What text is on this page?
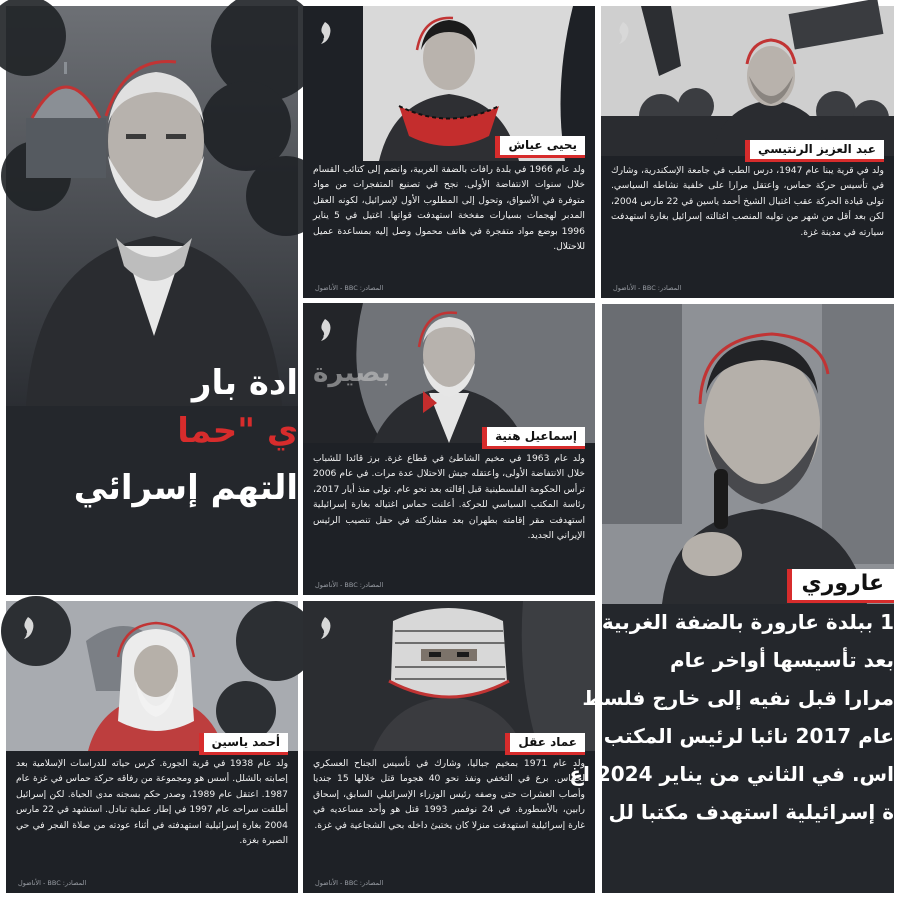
ادة بار
ي "حما
التهم إسرائي
يحيى عياش
ولد عام 1966 في بلدة رافات بالضفة الغربية، وانضم إلى كتائب القسام خلال سنوات الانتفاضة الأولى. نجح في تصنيع المتفجرات من مواد متوفرة في الأسواق، وتحول إلى المطلوب الأول لإسرائيل، لكونه العقل المدبر لهجمات بسيارات مفخخة استهدفت قواتها. اغتيل في 5 يناير 1996 بوضع مواد متفجرة في هاتف محمول وصل إليه بمساعدة عميل للاحتلال.
المصادر: BBC - الأناضول
عبد العزيز الرنتيسي
ولد في قرية يبنا عام 1947، درس الطب في جامعة الإسكندرية، وشارك في تأسيس حركة حماس، واعتقل مرارا على خلفية نشاطه السياسي. تولى قيادة الحركة عقب اغتيال الشيخ أحمد ياسين في 22 مارس 2004، لكن بعد أقل من شهر من توليه المنصب اغتالته إسرائيل بغارة استهدفت سيارته في مدينة غزة.
المصادر: BBC - الأناضول
بصيرة
إسماعيل هنية
ولد عام 1963 في مخيم الشاطئ في قطاع غزة. برز قائدا للشباب خلال الانتفاضة الأولى، واعتقله جيش الاحتلال عدة مرات. في عام 2006 ترأس الحكومة الفلسطينية قبل إقالته بعد نحو عام. تولى منذ أيار 2017، رئاسة المكتب السياسي للحركة. أعلنت حماس اغتياله بغارة إسرائيلية استهدفت مقر إقامته بطهران بعد مشاركته في حفل تنصيب الرئيس الإيراني الجديد.
المصادر: BBC - الأناضول	عاروري
1 ببلدة عارورة بالضفة الغربية
بعد تأسيسها أواخر عام
مرارا قبل نفيه إلى خارج فلسط
عام 2017 نائبا لرئيس المكتب
اس. في الثاني من يناير 2024 اغ
ة إسرائيلية استهدف مكتبا لل
أحمد ياسين
ولد عام 1938 في قرية الجورة. كرس حياته للدراسات الإسلامية بعد إصابته بالشلل. أسس هو ومجموعة من رفاقه حركة حماس في غزة عام 1987. اعتقل عام 1989، وصدر حكم بسجنه مدى الحياة. لكن إسرائيل أطلقت سراحه عام 1997 في إطار عملية تبادل. استشهد في 22 مارس 2004 بغارة إسرائيلية استهدفته في أثناء عودته من صلاة الفجر في حي الصبرة بغزة.
المصادر: BBC - الأناضول
عماد عقل
ولد عام 1971 بمخيم جباليا، وشارك في تأسيس الجناح العسكري لحماس. برع في التخفي ونفذ نحو 40 هجوما قتل خلالها 15 جنديا وأصاب العشرات حتى وصفه رئيس الوزراء الإسرائيلي السابق، إسحاق رابين، بالأسطورة. في 24 نوفمبر 1993 قتل هو وأحد مساعديه في غارة إسرائيلية استهدفت منزلا كان يختبئ داخله بحي الشجاعية في غزة.
المصادر: BBC - الأناضول
